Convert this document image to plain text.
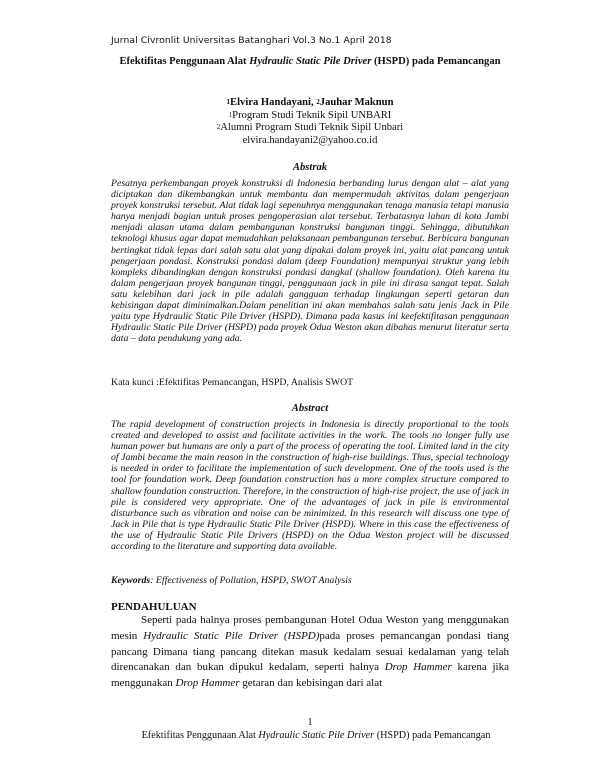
Jurnal Civronlit Universitas Batanghari Vol.3 No.1 April 2018
Efektifitas Penggunaan Alat Hydraulic Static Pile Driver (HSPD) pada Pemancangan
$^1$Elvira Handayani, $^2$Jauhar Maknun
$^1$Program Studi Teknik Sipil UNBARI
$^2$Alumni Program Studi Teknik Sipil Unbari
elvira.handayani2@yahoo.co.id
Abstrak

Pesatnya perkembangan proyek konstruksi di Indonesia berbanding lurus dengan alat – alat yang diciptakan dan dikembangkan untuk membantu dan mempermudah aktivitas dalam pengerjaan proyek konstruksi tersebut. Alat tidak lagi sepenuhnya menggunakan tenaga manusia tetapi manusia hanya menjadi bagian untuk proses pengoperasian alat tersebut. Terbatasnya lahan di kota Jambi menjadi alasan utama dalam pembangunan konstruksi bangunan tinggi. Sehingga, dibutuhkan teknologi khusus agar dapat memudahkan pelaksanaan pembangunan tersebut. Berbicara bangunan bertingkat tidak lepas dari salah satu alat yang dipakai dalam proyek ini, yaitu alat pancang untuk pengerjaan pondasi. Konstruksi pondasi dalam (deep Foundation) mempunyai struktur yang lebih kompleks dibandingkan dengan konstruksi pondasi dangkal (shallow foundation). Oleh karena itu dalam pengerjaan proyek bangunan tinggi, penggunaan jack in pile ini dirasa sangat tepat. Salah satu kelebihan dari jack in pile adalah gangguan terhadap lingkungan seperti getaran dan kebisingan dapat diminimalkan.Dalam penelitian ini akan membahas salah satu jenis Jack in Pile yaitu type Hydraulic Static Pile Driver (HSPD). Dimana pada kasus ini keefektifitasan penggunaan Hydraulic Static Pile Driver (HSPD) pada proyek Odua Weston akan dibahas menurut literatur serta data – data pendukung yang ada.

Kata kunci :Efektifitas Pemancangan, HSPD, Analisis SWOT
Abstract

The rapid development of construction projects in Indonesia is directly proportional to the tools created and developed to assist and facilitate activities in the work. The tools no longer fully use human power but humans are only a part of the process of operating the tool. Limited land in the city of Jambi became the main reason in the construction of high-rise buildings. Thus, special technology is needed in order to facilitate the implementation of such development. One of the tools used is the tool for foundation work. Deep foundation construction has a more complex structure compared to shallow foundation construction. Therefore, in the construction of high-rise project, the use of jack in pile is considered very appropriate. One of the advantages of jack in pile is environmental disturbance such as vibration and noise can be minimized. In this research will discuss one type of Jack in Pile that is type Hydraulic Static Pile Driver (HSPD). Where in this case the effectiveness of the use of Hydraulic Static Pile Drivers (HSPD) on the Odua Weston project will be discussed according to the literature and supporting data available.

Keywords: Effectiveness of Pollution, HSPD, SWOT Analysis
PENDAHULUAN

Seperti pada halnya proses pembangunan Hotel Odua Weston yang menggunakan mesin Hydraulic Static Pile Driver (HSPD)pada proses pemancangan pondasi tiang pancang Dimana tiang pancang ditekan masuk kedalam sesuai kedalaman yang telah direncanakan dan bukan dipukul kedalam, seperti halnya Drop Hammer karena jika menggunakan Drop Hammer getaran dan kebisingan dari alat

1
Efektifitas Penggunaan Alat Hydraulic Static Pile Driver (HSPD) pada Pemancangan
